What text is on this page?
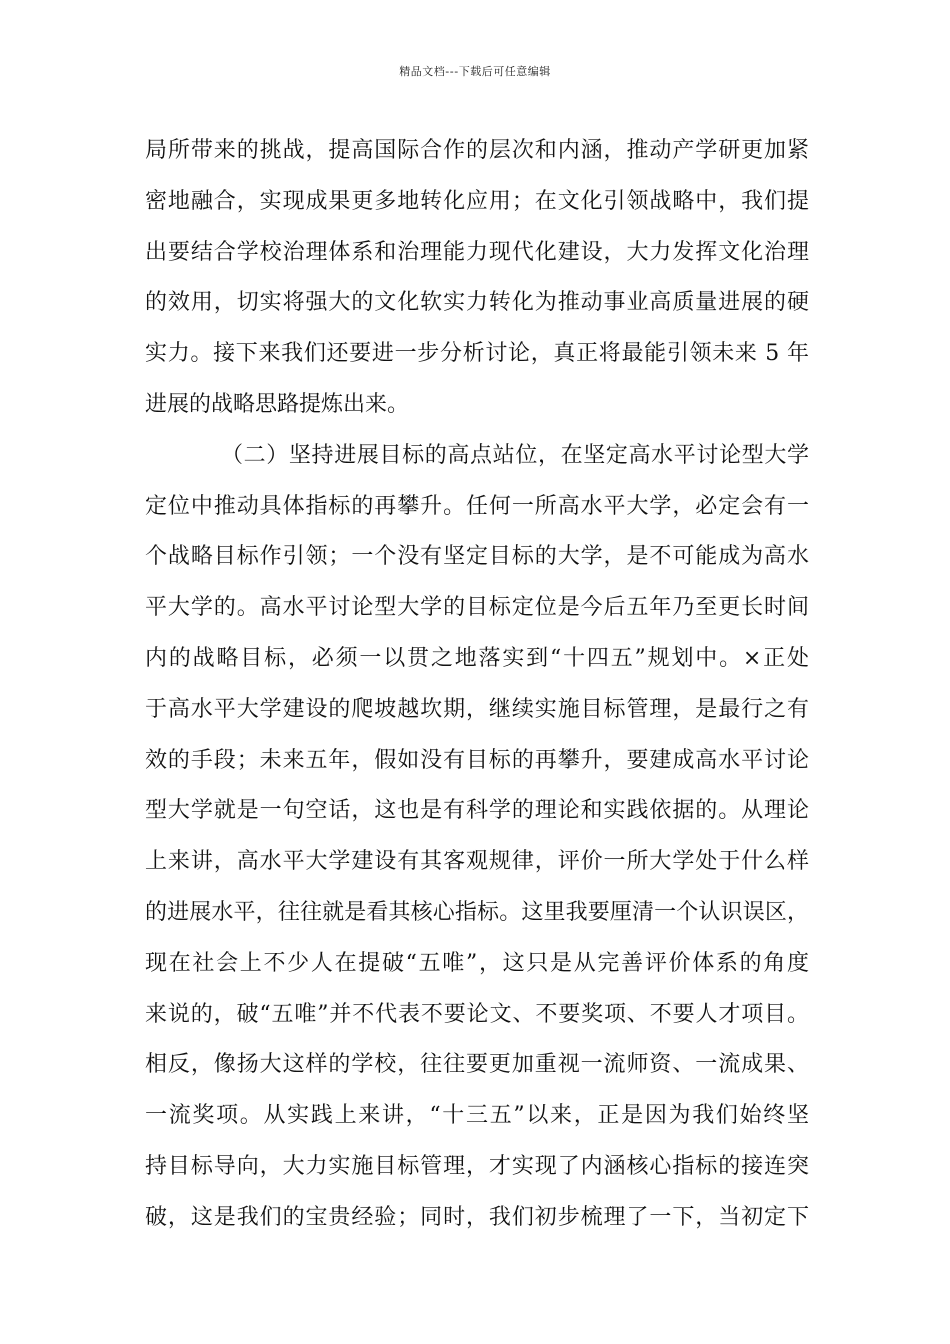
精品文档---下载后可任意编辑
局所带来的挑战，提高国际合作的层次和内涵，推动产学研更加紧
密地融合，实现成果更多地转化应用；在文化引领战略中，我们提
出要结合学校治理体系和治理能力现代化建设，大力发挥文化治理
的效用，切实将强大的文化软实力转化为推动事业高质量进展的硬
实力。接下来我们还要进一步分析讨论，真正将最能引领未来 5 年
进展的战略思路提炼出来。
（二）坚持进展目标的高点站位，在坚定高水平讨论型大学
定位中推动具体指标的再攀升。任何一所高水平大学，必定会有一
个战略目标作引领；一个没有坚定目标的大学，是不可能成为高水
平大学的。高水平讨论型大学的目标定位是今后五年乃至更长时间
内的战略目标，必须一以贯之地落实到“十四五”规划中。×正处
于高水平大学建设的爬坡越坎期，继续实施目标管理，是最行之有
效的手段；未来五年，假如没有目标的再攀升，要建成高水平讨论
型大学就是一句空话，这也是有科学的理论和实践依据的。从理论
上来讲，高水平大学建设有其客观规律，评价一所大学处于什么样
的进展水平，往往就是看其核心指标。这里我要厘清一个认识误区，
现在社会上不少人在提破“五唯”，这只是从完善评价体系的角度
来说的，破“五唯”并不代表不要论文、不要奖项、不要人才项目。
相反，像扬大这样的学校，往往要更加重视一流师资、一流成果、
一流奖项。从实践上来讲，“十三五”以来，正是因为我们始终坚
持目标导向，大力实施目标管理，才实现了内涵核心指标的接连突
破，这是我们的宝贵经验；同时，我们初步梳理了一下，当初定下
